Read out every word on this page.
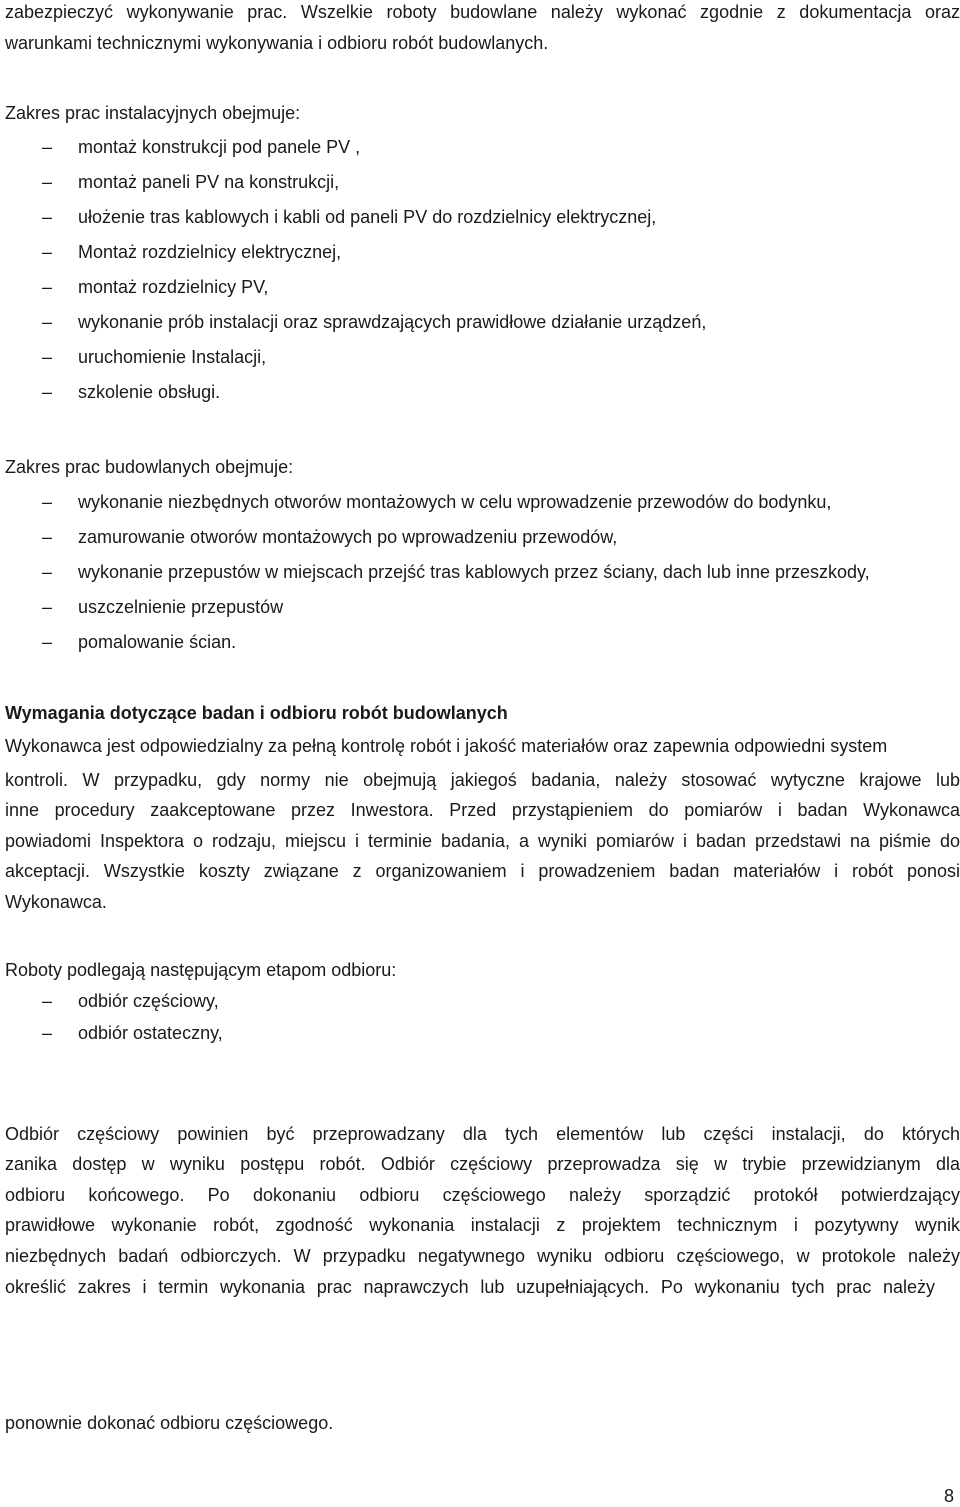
zabezpieczyć wykonywanie prac. Wszelkie roboty budowlane należy wykonać zgodnie z dokumentacja oraz
warunkami technicznymi wykonywania i odbioru robót budowlanych.
Zakres prac instalacyjnych obejmuje:
– montaż konstrukcji pod panele PV ,
– montaż paneli PV na konstrukcji,
– ułożenie tras kablowych i kabli od paneli PV do rozdzielnicy elektrycznej,
– Montaż rozdzielnicy elektrycznej,
– montaż rozdzielnicy PV,
– wykonanie prób instalacji oraz sprawdzających prawidłowe działanie urządzeń,
– uruchomienie Instalacji,
– szkolenie obsługi.
Zakres prac budowlanych obejmuje:
– wykonanie niezbędnych otworów montażowych w celu wprowadzenie przewodów do bodynku,
– zamurowanie otworów montażowych po wprowadzeniu przewodów,
– wykonanie przepustów w miejscach przejść tras kablowych przez ściany, dach lub inne przeszkody,
– uszczelnienie przepustów
– pomalowanie ścian.
Wymagania dotyczące badan i odbioru robót budowlanych
Wykonawca jest odpowiedzialny za pełną kontrolę robót i jakość materiałów oraz zapewnia odpowiedni system
kontroli. W przypadku, gdy normy nie obejmują jakiegoś badania, należy stosować wytyczne krajowe lub
inne procedury zaakceptowane przez Inwestora. Przed przystąpieniem do pomiarów i badan Wykonawca
powiadomi Inspektora o rodzaju, miejscu i terminie badania, a wyniki pomiarów i badan przedstawi na piśmie do
akceptacji. Wszystkie koszty związane z organizowaniem i prowadzeniem badan materiałów i robót ponosi
Wykonawca.
Roboty podlegają następującym etapom odbioru:
– odbiór częściowy,
– odbiór ostateczny,
Odbiór częściowy powinien być przeprowadzany dla tych elementów lub części instalacji, do których
zanika dostęp w wyniku postępu robót. Odbiór częściowy przeprowadza się w trybie przewidzianym dla
odbioru końcowego. Po dokonaniu odbioru częściowego należy sporządzić protokół potwierdzający
prawidłowe wykonanie robót, zgodność wykonania instalacji z projektem technicznym i pozytywny wynik
niezbędnych badań odbiorczych. W przypadku negatywnego wyniku odbioru częściowego, w protokole należy
określić zakres i termin wykonania prac naprawczych lub uzupełniających. Po wykonaniu tych prac należy
ponownie dokonać odbioru częściowego.
8
